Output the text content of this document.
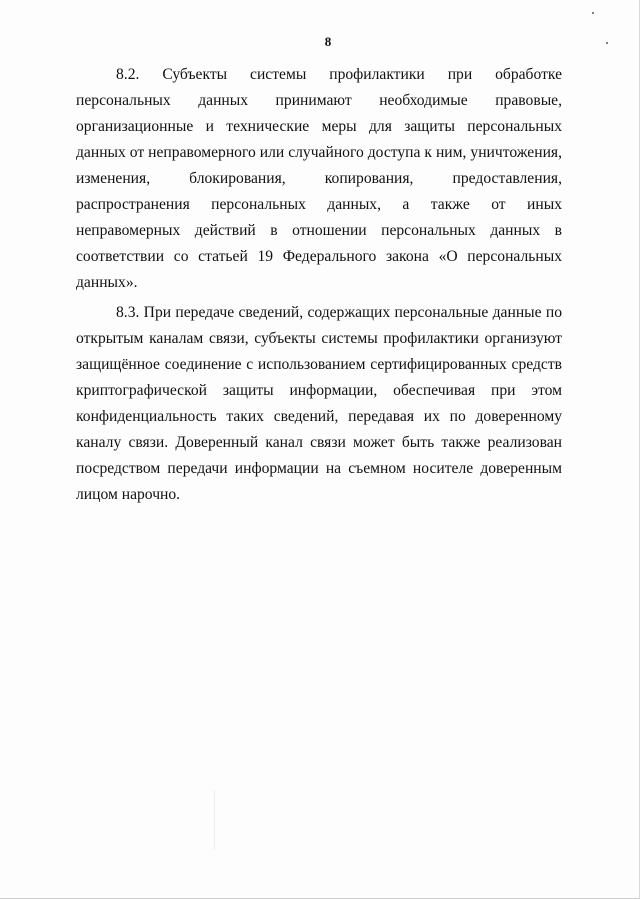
8

8.2. Субъекты системы профилактики при обработке персональных данных принимают необходимые правовые, организационные и технические меры для защиты персональных данных от неправомерного или случайного доступа к ним, уничтожения, изменения, блокирования, копирования, предоставления, распространения персональных данных, а также от иных неправомерных действий в отношении персональных данных в соответствии со статьей 19 Федерального закона «О персональных данных».

8.3. При передаче сведений, содержащих персональные данные по открытым каналам связи, субъекты системы профилактики организуют защищённое соединение с использованием сертифицированных средств криптографической защиты информации, обеспечивая при этом конфиденциальность таких сведений, передавая их по доверенному каналу связи. Доверенный канал связи может быть также реализован посредством передачи информации на съемном носителе доверенным лицом нарочно.
